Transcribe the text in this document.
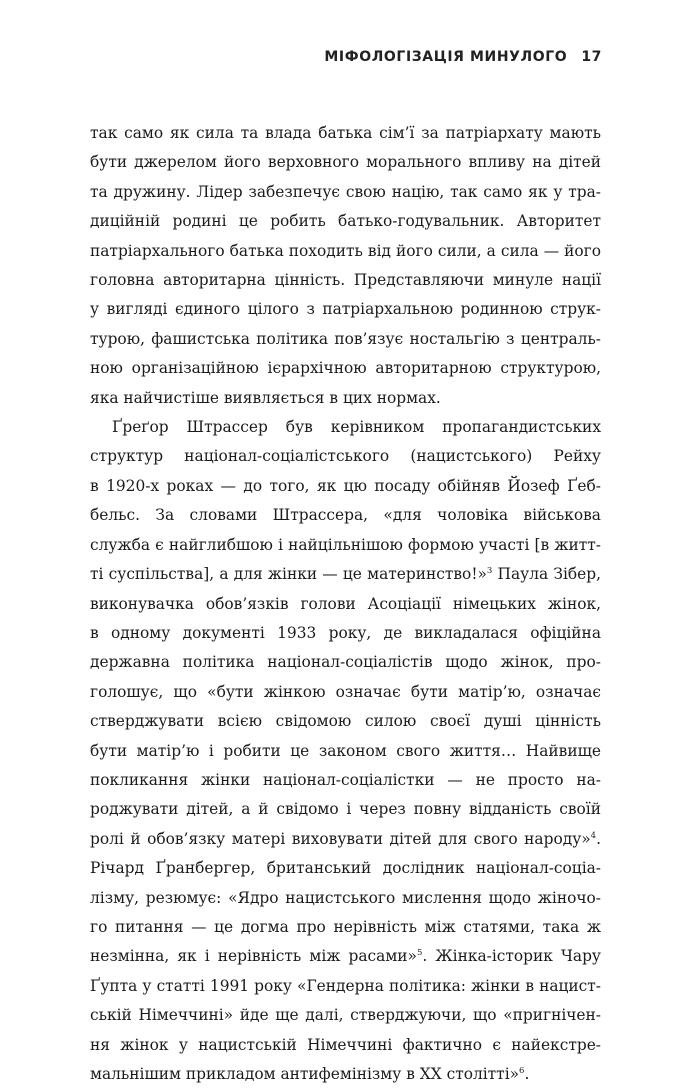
МІФОЛОГІЗАЦІЯ МИНУЛОГО 17
так само як сила та влада батька сім’ї за патріархату мають
бути джерелом його верховного морального впливу на дітей
та дружину. Лідер забезпечує свою націю, так само як у тра-
диційній родині це робить батько-годувальник. Авторитет
патріархального батька походить від його сили, а сила — його
головна авторитарна цінність. Представляючи минуле нації
у вигляді єдиного цілого з патріархальною родинною струк-
турою, фашистська політика пов’язує ностальгію з централь-
ною організаційною ієрархічною авторитарною структурою,
яка найчистіше виявляється в цих нормах.
Ґреґор Штрассер був керівником пропагандистських
структур націонал-соціалістського (нацистського) Рейху
в 1920-х роках — до того, як цю посаду обійняв Йозеф Ґеб-
бельс. За словами Штрассера, «для чоловіка військова
служба є найглибшою і найцільнішою формою участі [в житт-
ті суспільства], а для жінки — це материнство!»$^3$ Паула Зібер,
виконувачка обов’язків голови Асоціації німецьких жінок,
в одному документі 1933 року, де викладалася офіційна
державна політика націонал-соціалістів щодо жінок, про-
голошує, що «бути жінкою означає бути матір’ю, означає
стверджувати всією свідомою силою своєї душі цінність
бути матір’ю і робити це законом свого життя… Найвище
покликання жінки націонал-соціалістки — не просто на-
роджувати дітей, а й свідомо і через повну відданість своїй
ролі й обов’язку матері виховувати дітей для свого народу»$^4$.
Річард Ґранбергер, британський дослідник націонал-соціа-
лізму, резюмує: «Ядро нацистського мислення щодо жіночо-
го питання — це догма про нерівність між статями, така ж
незмінна, як і нерівність між расами»$^5$. Жінка-історик Чару
Ґупта у статті 1991 року «Гендерна політика: жінки в нацист-
ській Німеччині» йде ще далі, стверджуючи, що «пригнічен-
ня жінок у нацистській Німеччині фактично є найекстре-
мальнішим прикладом антифемінізму в ХХ столітті»$^6$.
